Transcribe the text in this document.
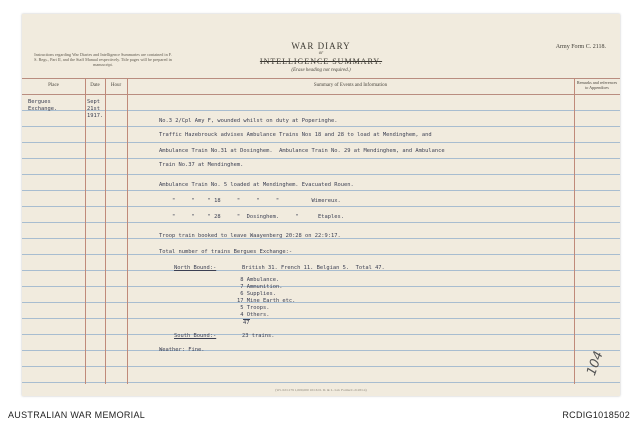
Instructions regarding War Diaries and Intelligence Summaries are contained in F. S. Regs., Part II, and the Staff Manual respectively. Title pages will be prepared in manuscript.
WAR DIARY
or
INTELLIGENCE SUMMARY.
(Erase heading not required.)
Army Form C. 2118.
Place	Date	Hour	Summary of Events and Information
Remarks and references to Appendices
Bergues
Exchange.
Sept
21st
1917.
No.3 2/Cpl Amy F, wounded whilst on duty at Poperinghe.
Traffic Hazebrouck advises Ambulance Trains Nos 18 and 28 to load at Mendinghem, and
Ambulance Train No.31 at Dosinghem.  Ambulance Train No. 29 at Mendinghem, and Ambulance
Train No.37 at Mendinghem.
Ambulance Train No. 5 loaded at Mendinghem. Evacuated Rouen.
"     "    " 18     "     "     "          Wimereux.
"     "    " 28     "  Dosinghem.     "      Etaples.
Troop train booked to leave Waayenberg 20:28 on 22:9:17.
Total number of trains Bergues Exchange:-
North Bound:-	British 31. French 11. Belgian 5.  Total 47.
8 Ambulance.
7 Ammunition.
6 Supplies.
17 Mine Earth etc.
5 Troops.
4 Others.
47
South Bound:-	23 trains.
Weather: Fine.
(Wt. 02/1179 1,000,000 10/16 D. D. & L. Ltd. Forms/C.2118/14)
104
AUSTRALIAN WAR MEMORIAL	RCDIG1018502
